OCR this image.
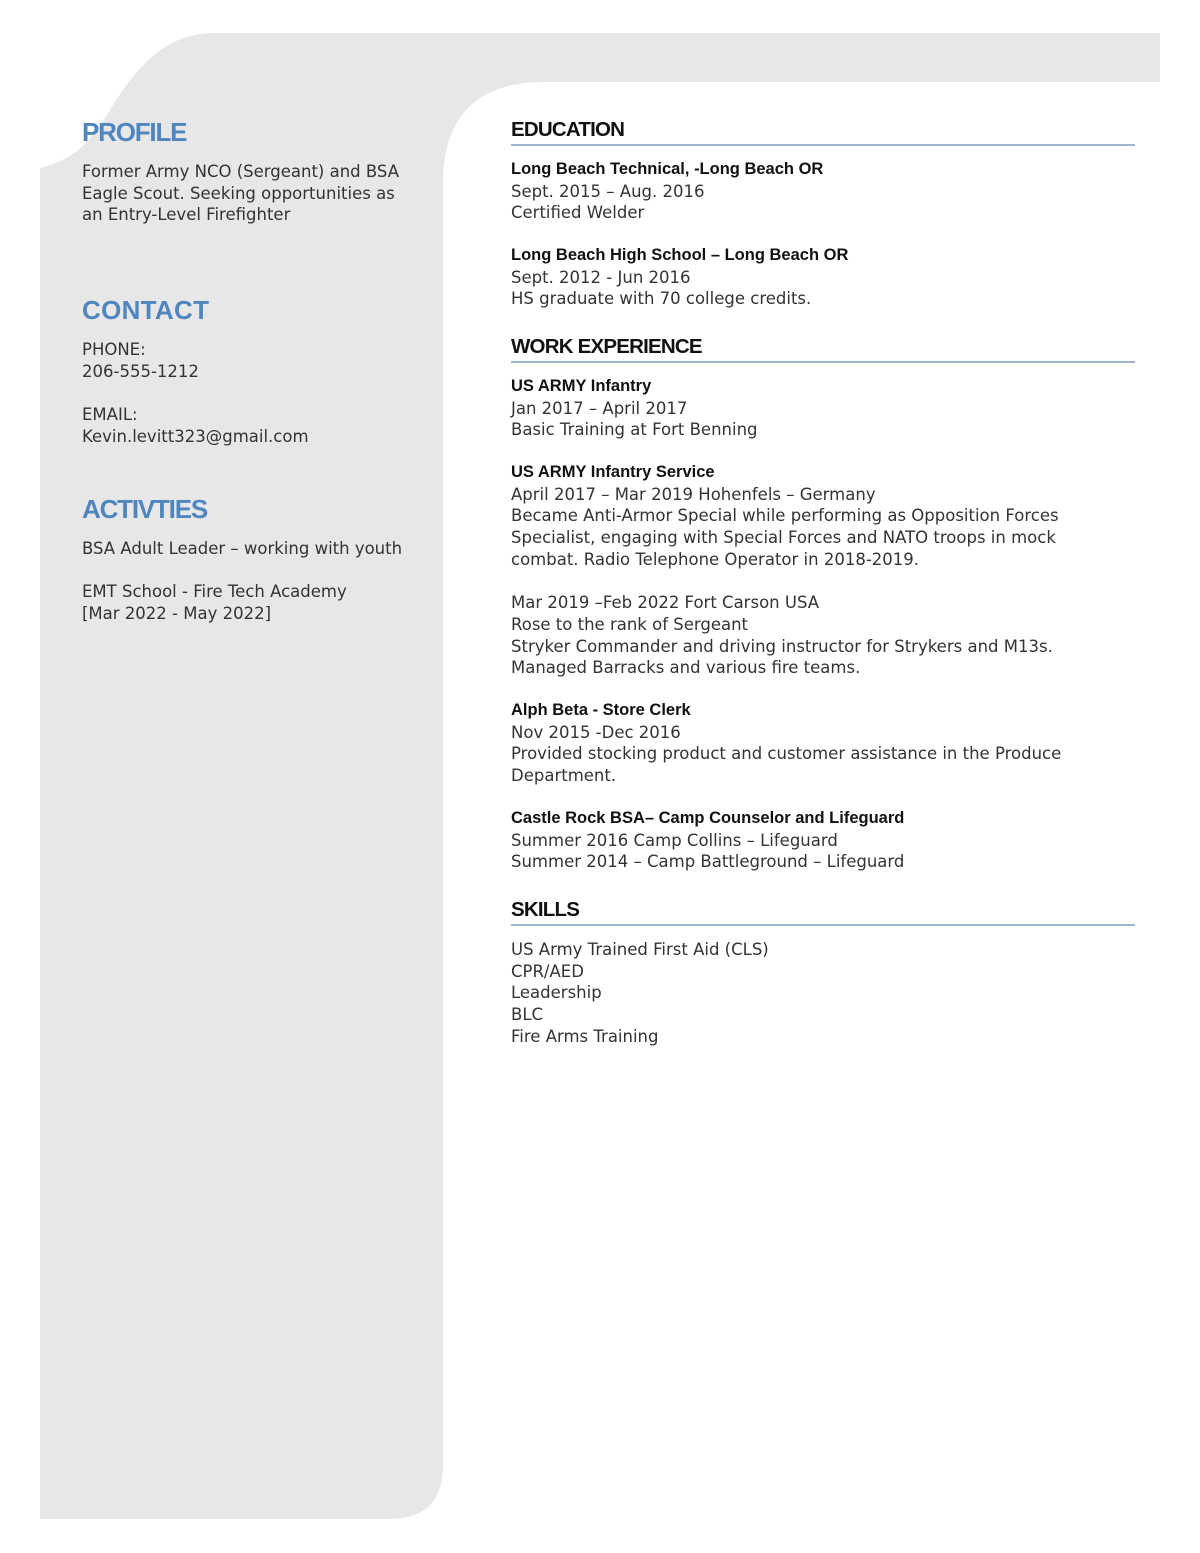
PROFILE

Former Army NCO (Sergeant) and BSA

Eagle Scout. Seeking opportunities as

an Entry-Level Firefighter

CONTACT

PHONE:

206-555-1212

EMAIL:

Kevin.levitt323@gmail.com

ACTIVTIES

BSA Adult Leader – working with youth

EMT School - Fire Tech Academy

[Mar 2022 - May 2022]

EDUCATION
Long Beach Technical, -Long Beach OR
Sept. 2015 – Aug. 2016
Certified Welder
Long Beach High School – Long Beach OR
Sept. 2012 - Jun 2016
HS graduate with 70 college credits.
WORK EXPERIENCE
US ARMY Infantry
Jan 2017 – April 2017
Basic Training at Fort Benning
US ARMY Infantry Service
April 2017 – Mar 2019 Hohenfels – Germany
Became Anti-Armor Special while performing as Opposition Forces
Specialist, engaging with Special Forces and NATO troops in mock
combat. Radio Telephone Operator in 2018-2019.
Mar 2019 –Feb 2022 Fort Carson USA
Rose to the rank of Sergeant
Stryker Commander and driving instructor for Strykers and M13s.
Managed Barracks and various fire teams.
Alph Beta - Store Clerk
Nov 2015 -Dec 2016
Provided stocking product and customer assistance in the Produce
Department.
Castle Rock BSA– Camp Counselor and Lifeguard
Summer 2016 Camp Collins – Lifeguard
Summer 2014 – Camp Battleground – Lifeguard
SKILLS
US Army Trained First Aid (CLS)
CPR/AED
Leadership
BLC
Fire Arms Training
